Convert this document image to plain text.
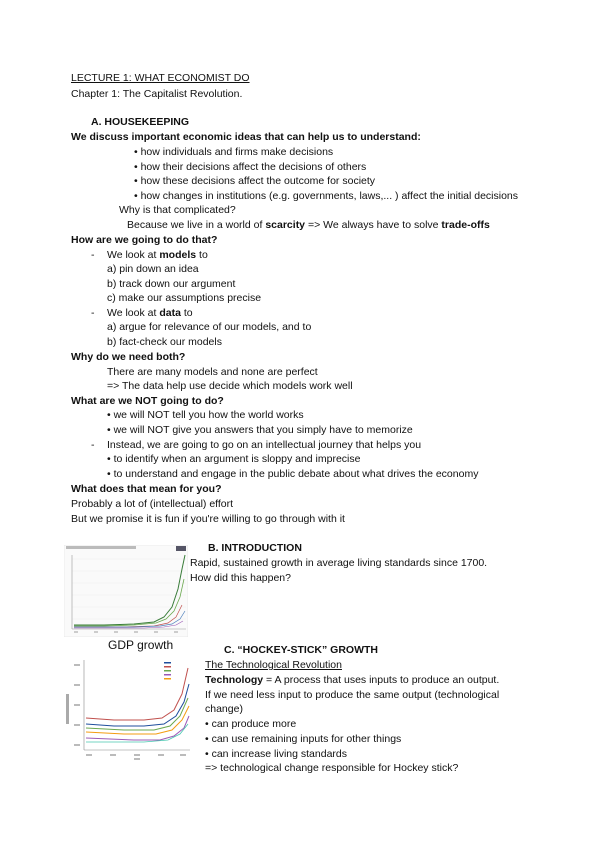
LECTURE 1: WHAT ECONOMIST DO
Chapter 1: The Capitalist Revolution.
A. HOUSEKEEPING
We discuss important economic ideas that can help us to understand:
• how individuals and firms make decisions
• how their decisions affect the decisions of others
• how these decisions affect the outcome for society
• how changes in institutions (e.g. governments, laws,... ) affect the initial decisions
Why is that complicated?
Because we live in a world of scarcity => We always have to solve trade-offs
How are we going to do that?
- We look at models to
a) pin down an idea
b) track down our argument
c) make our assumptions precise
- We look at data to
a) argue for relevance of our models, and to
b) fact-check our models
Why do we need both?
There are many models and none are perfect
=> The data help use decide which models work well
What are we NOT going to do?
• we will NOT tell you how the world works
• we will NOT give you answers that you simply have to memorize
- Instead, we are going to go on an intellectual journey that helps you
• to identify when an argument is sloppy and imprecise
• to understand and engage in the public debate about what drives the economy
What does that mean for you?
Probably a lot of (intellectual) effort
But we promise it is fun if you're willing to go through with it
GDP growth
B. INTRODUCTION
Rapid, sustained growth in average living standards since 1700.
How did this happen?
C. “HOCKEY-STICK” GROWTH
The Technological Revolution
Technology = A process that uses inputs to produce an output.
If we need less input to produce the same output (technological
change)
• can produce more
• can use remaining inputs for other things
• can increase living standards
=> technological change responsible for Hockey stick?
